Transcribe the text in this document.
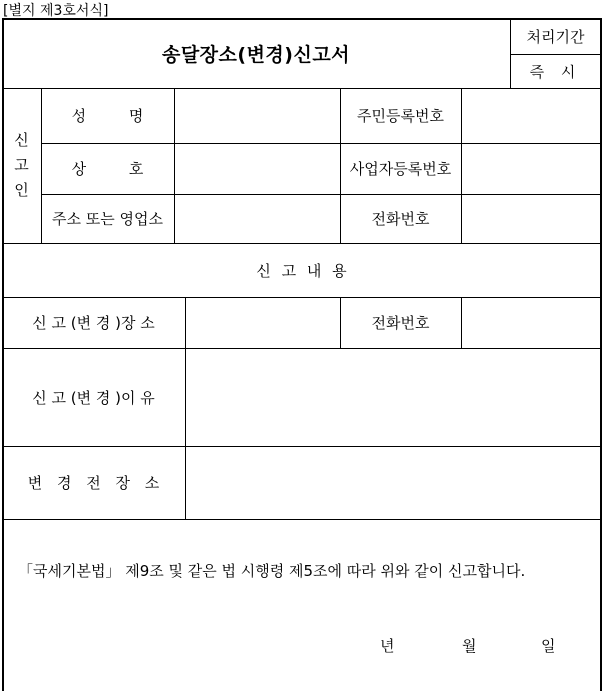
[별지 제3호서식]
송달장소(변경)신고서
처리기간
즉 시
신
고
인
성 명	주민등록번호
상 호	사업자등록번호
주소 또는 영업소	전화번호
신 고 내 용
신 고 (변 경 )장 소	전화번호
신 고 (변 경 )이 유
변 경 전 장 소
「국세기본법」 제9조 및 같은 법 시행령 제5조에 따라 위와 같이 신고합니다.
년	월	일
